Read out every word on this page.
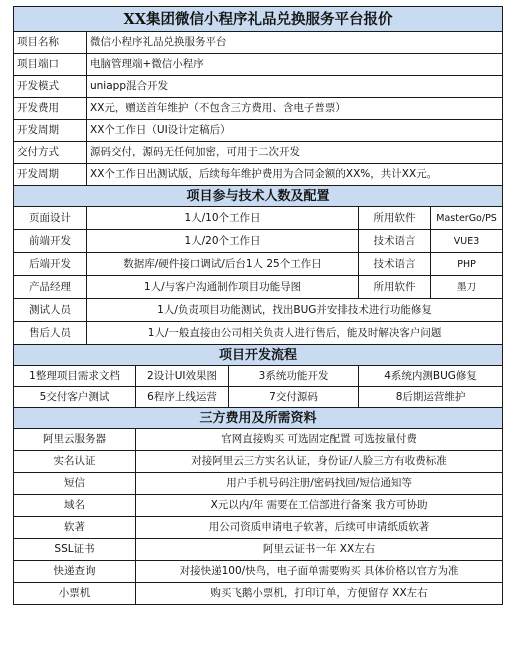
XX集团微信小程序礼品兑换服务平台报价					
项目名称	微信小程序礼品兑换服务平台				
项目端口	电脑管理端+微信小程序				
开发模式	uniapp混合开发				
开发费用	XX元，赠送首年维护（不包含三方费用、含电子普票）				
开发周期	XX个工作日（UI设计定稿后）				
交付方式	源码交付，源码无任何加密，可用于二次开发				
开发周期	XX个工作日出测试版，后续每年维护费用为合同金额的XX%，共计XX元。				
项目参与技术人数及配置					
页面设计	1人/10个工作日			所用软件	MasterGo/PS
前端开发	1人/20个工作日			技术语言	VUE3
后端开发	数据库/硬件接口调试/后台1人 25个工作日			技术语言	PHP
产品经理	1人/与客户沟通制作项目功能导图			所用软件	墨刀
测试人员	1人/负责项目功能测试，找出BUG并安排技术进行功能修复				
售后人员	1人/一般直接由公司相关负责人进行售后，能及时解决客户问题				
项目开发流程					
1整理项目需求文档		2设计UI效果图	3系统功能开发	4系统内测BUG修复	
5交付客户测试		6程序上线运营	7交付源码	8后期运营维护	
三方费用及所需资料					
阿里云服务器		官网直接购买 可选固定配置 可选按量付费			
实名认证		对接阿里云三方实名认证，身份证/人脸三方有收费标准			
短信		用户手机号码注册/密码找回/短信通知等			
域名		X元以内/年 需要在工信部进行备案 我方可协助			
软著		用公司资质申请电子软著，后续可申请纸质软著			
SSL证书		阿里云证书一年 XX左右			
快递查询		对接快递100/快鸟，电子面单需要购买 具体价格以官方为准			
小票机		购买飞鹅小票机，打印订单，方便留存 XX左右			
